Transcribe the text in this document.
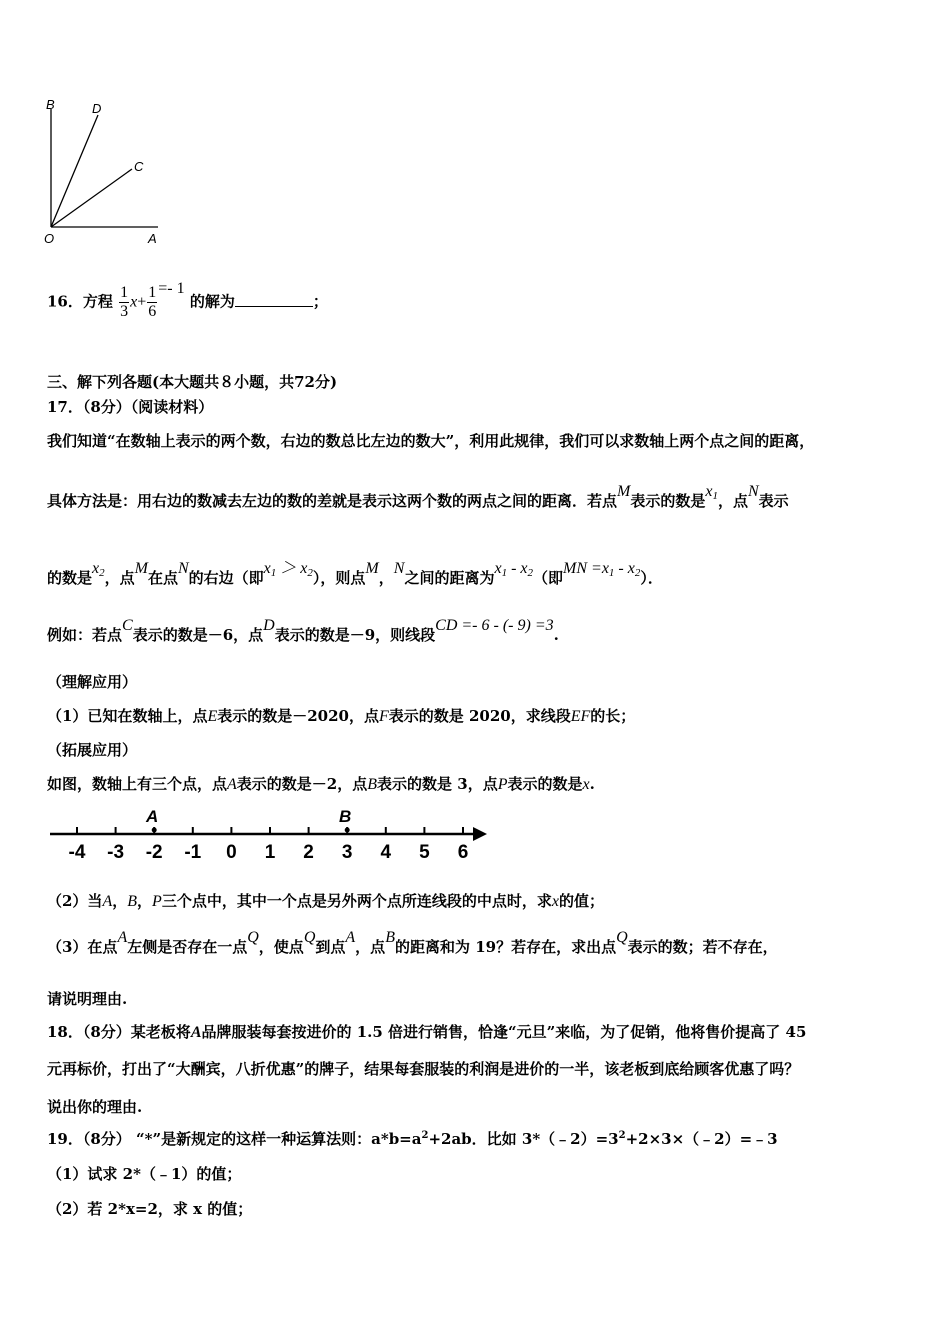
B	D
C
O	A
16．方程 $\frac{1}{3} x+ \frac{1}{6} =- 1$ 的解为	；
三、解下列各题(本大题共８小题，共72分)
17．（8分）（阅读材料）
我们知道“在数轴上表示的两个数，右边的数总比左边的数大”，利用此规律，我们可以求数轴上两个点之间的距离，
具体方法是：用右边的数减去左边的数的差就是表示这两个数的两点之间的距离．若点M表示的数是x1，点N表示
的数是x2，点M在点N的右边（即x1 ＞ x2），则点M，N之间的距离为x1 - x2（即MN =x1 - x2）．
例如：若点C表示的数是－6，点D表示的数是－9，则线段CD =- 6 - (- 9) =3.
（理解应用）
（1）已知在数轴上，点E表示的数是－2020，点F表示的数是 2020，求线段EF的长；
（拓展应用）
如图，数轴上有三个点，点A表示的数是－2，点B表示的数是 3，点P表示的数是x.
-4 -3 -2 -1 0 1 2 3 4 5 6
A	B
（2）当A，B，P三个点中，其中一个点是另外两个点所连线段的中点时，求x的值；
（3）在点A左侧是否存在一点Q，使点Q到点A，点B的距离和为 19？若存在，求出点Q表示的数；若不存在，
请说明理由.
18．（8分）某老板将A品牌服装每套按进价的 1.5 倍进行销售，恰逢“元旦”来临，为了促销，他将售价提高了 45
元再标价，打出了“大酬宾，八折优惠”的牌子，结果每套服装的利润是进价的一半，该老板到底给顾客优惠了吗？
说出你的理由.
19．（8分） “*”是新规定的这样一种运算法则：$a*b=a^2+2ab$．比如 $3*(﹣2)=3^2+2\times 3\times(﹣2)=﹣3$
（1）试求 2*（﹣1）的值；
（2）若 2*x=2，求 x 的值；
